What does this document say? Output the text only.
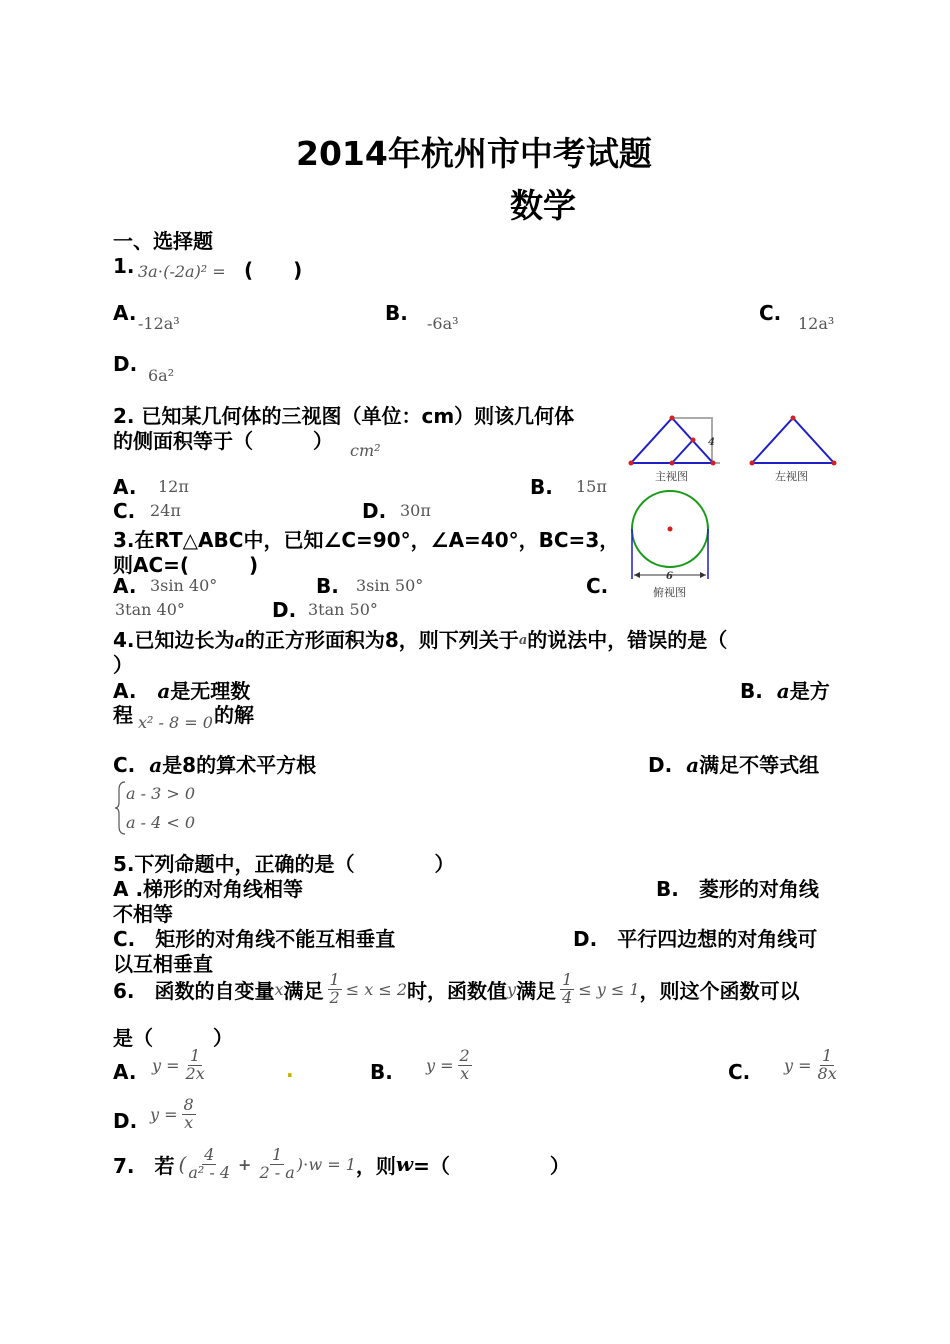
2014年杭州市中考试题
数学
一、选择题
1. 3a⋅(-2a)² = (　　)
A. -12a³	B. -6a³	C. 12a³
D. 6a²
2. 已知某几何体的三视图（单位：cm）则该几何体
的侧面积等于（　　　） cm²
A. 12π	B. 15π
C. 24π	D. 30π
4
主视图	左视图
6
俯视图
3.在RT△ABC中，已知∠C=90°，∠A=40°，BC=3，
则AC=(　　　)
A. 3sin 40°	B. 3sin 50°	C.
3tan 40°	D. 3tan 50°
4.已知边长为a的正方形面积为8，则下列关于a的说法中，错误的是（
）
A. a是无理数	B. a是方
程 x² - 8 = 0 的解
C. a是8的算术平方根	D. a满足不等式组
a - 3 > 0
a - 4 < 0
5.下列命题中，正确的是（　　　　）
A .梯形的对角线相等	B.　菱形的对角线
不相等
C.　矩形的对角线不能互相垂直	D.　平行四边想的对角线可
以互相垂直
6.　函数的自变量 x 满足 $\frac{1}{2} \le x \le 2$ 时，函数值 y 满足 $\frac{1}{4} \le y \le 1$ ，则这个函数可以
是（　　　）
A. $y = \frac{1}{2x}$	.	B. $y = \frac{2}{x}$	C. $y = \frac{1}{8x}$
D. $y = \frac{8}{x}$
7.　若 ( $\frac{4}{\text{a² - 4}} + \frac{1}{2 - a} )\cdot w = 1$ ，则 w =（　　　　　）
